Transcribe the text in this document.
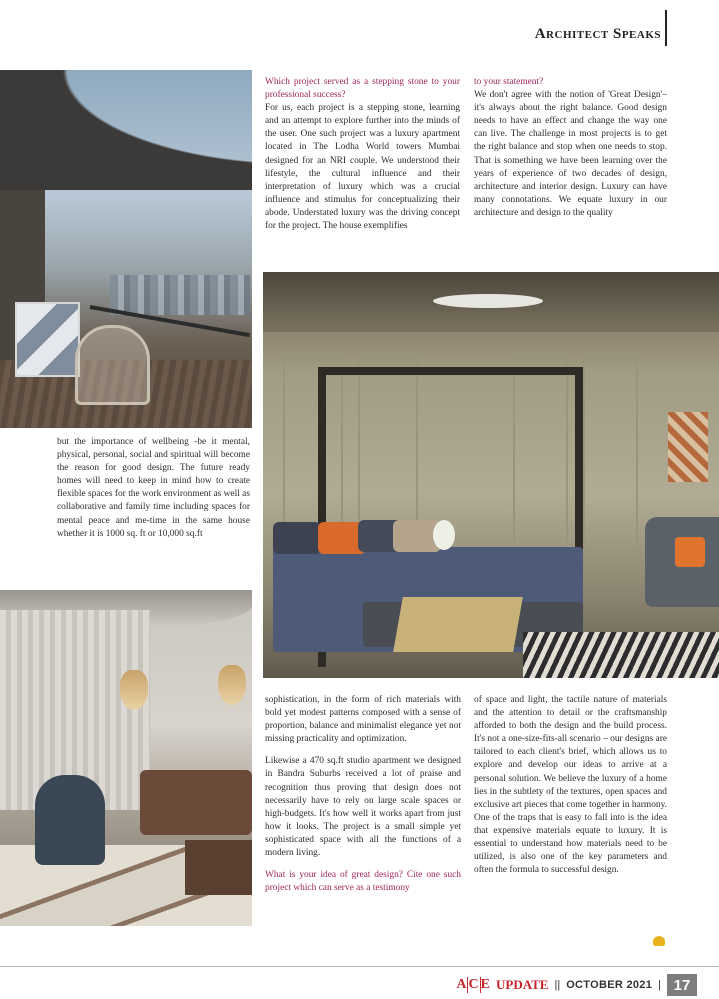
Architect Speaks
Which project served as a stepping stone to your professional success?
For us, each project is a stepping stone, learning and an attempt to explore further into the minds of the user. One such project was a luxury apartment located in The Lodha World towers Mumbai designed for an NRI couple. We understood their lifestyle, the cultural influence and their interpretation of luxury which was a crucial influence and stimulus for conceptualizing their abode. Understated luxury was the driving concept for the project. The house exemplifies
to your statement?
We don't agree with the notion of 'Great Design'– it's always about the right balance. Good design needs to have an effect and change the way one can live. The challenge in most projects is to get the right balance and stop when one needs to stop. That is something we have been learning over the years of experience of two decades of design, architecture and interior design. Luxury can have many connotations. We equate luxury in our architecture and design to the quality
but the importance of wellbeing -be it mental, physical, personal, social and spiritual will become the reason for good design. The future ready homes will need to keep in mind how to create flexible spaces for the work environment as well as collaborative and family time including spaces for mental peace and me-time in the same house whether it is 1000 sq. ft or 10,000 sq.ft

sophistication, in the form of rich materials with bold yet modest patterns composed with a sense of proportion, balance and minimalist elegance yet not missing practicality and optimization.

Likewise a 470 sq.ft studio apartment we designed in Bandra Suburbs received a lot of praise and recognition thus proving that design does not necessarily have to rely on large scale spaces or high-budgets. It's how well it works apart from just how it looks. The project is a small simple yet sophisticated space with all the functions of a modern living.

What is your idea of great design? Cite one such project which can serve as a testimony
of space and light, the tactile nature of materials and the attention to detail or the craftsmanship afforded to both the design and the build process. It's not a one-size-fits-all scenario – our designs are tailored to each client's brief, which allows us to explore and develop our ideas to arrive at a personal solution. We believe the luxury of a home lies in the subtlety of the textures, open spaces and exclusive art pieces that come together in harmony. One of the traps that is easy to fall into is the idea that expensive materials equate to luxury. It is essential to understand how materials need to be utilized, is also one of the key parameters and often the formula to successful design.
A C E UPDATE || OCTOBER 2021 | 17
